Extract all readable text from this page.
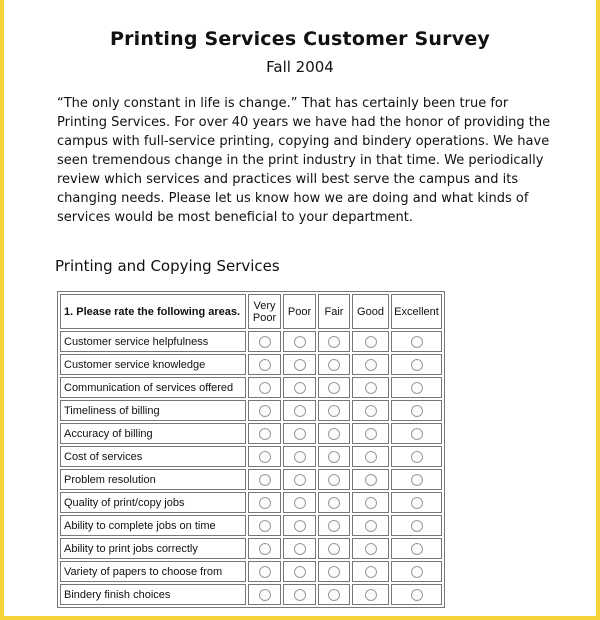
Printing Services Customer Survey
Fall 2004
“The only constant in life is change.” That has certainly been true for Printing Services. For over 40 years we have had the honor of providing the campus with full-service printing, copying and bindery operations. We have seen tremendous change in the print industry in that time. We periodically review which services and practices will best serve the campus and its changing needs. Please let us know how we are doing and what kinds of services would be most beneficial to your department.
Printing and Copying Services
1. Please rate the following areas.	Very Poor	Poor	Fair	Good	Excellent
Customer service helpfulness					
Customer service knowledge					
Communication of services offered					
Timeliness of billing					
Accuracy of billing					
Cost of services					
Problem resolution					
Quality of print/copy jobs					
Ability to complete jobs on time					
Ability to print jobs correctly					
Variety of papers to choose from					
Bindery finish choices					
